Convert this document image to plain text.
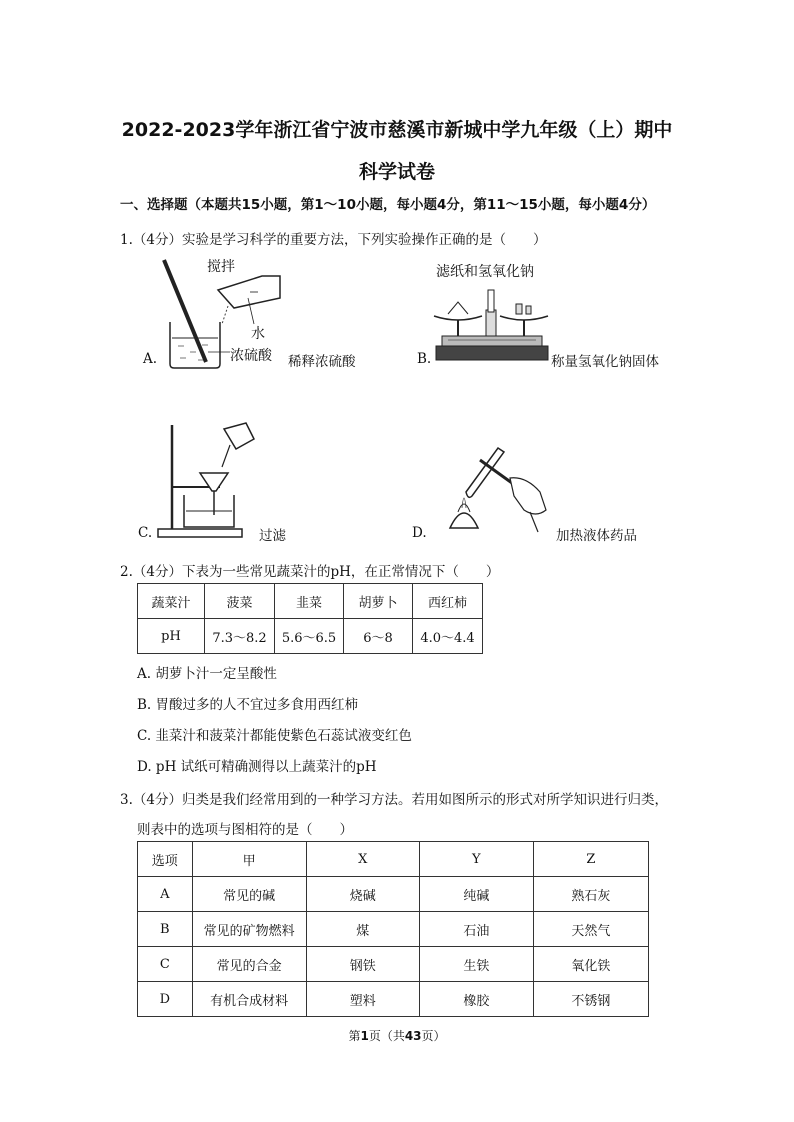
2022-2023学年浙江省宁波市慈溪市新城中学九年级（上）期中
科学试卷
一、选择题（本题共15小题，第1～10小题，每小题4分，第11～15小题，每小题4分）
1.（4分）实验是学习科学的重要方法，下列实验操作正确的是（　　）
搅拌
水
浓硫酸
A.	稀释浓硫酸
滤纸和氢氧化钠
B.	称量氢氧化钠固体
C.	过滤	D.	加热液体药品
2.（4分）下表为一些常见蔬菜汁的pH，在正常情况下（　　）
蔬菜汁	菠菜	韭菜	胡萝卜	西红柿
pH	7.3～8.2	5.6～6.5	6～8	4.0～4.4
A. 胡萝卜汁一定呈酸性
B. 胃酸过多的人不宜过多食用西红柿
C. 韭菜汁和菠菜汁都能使紫色石蕊试液变红色
D. pH 试纸可精确测得以上蔬菜汁的pH
3.（4分）归类是我们经常用到的一种学习方法。若用如图所示的形式对所学知识进行归类，
则表中的选项与图相符的是（　　）
选项	甲	X	Y	Z
A	常见的碱	烧碱	纯碱	熟石灰
B	常见的矿物燃料	煤	石油	天然气
C	常见的合金	钢铁	生铁	氧化铁
D	有机合成材料	塑料	橡胶	不锈钢
第1页（共43页）
